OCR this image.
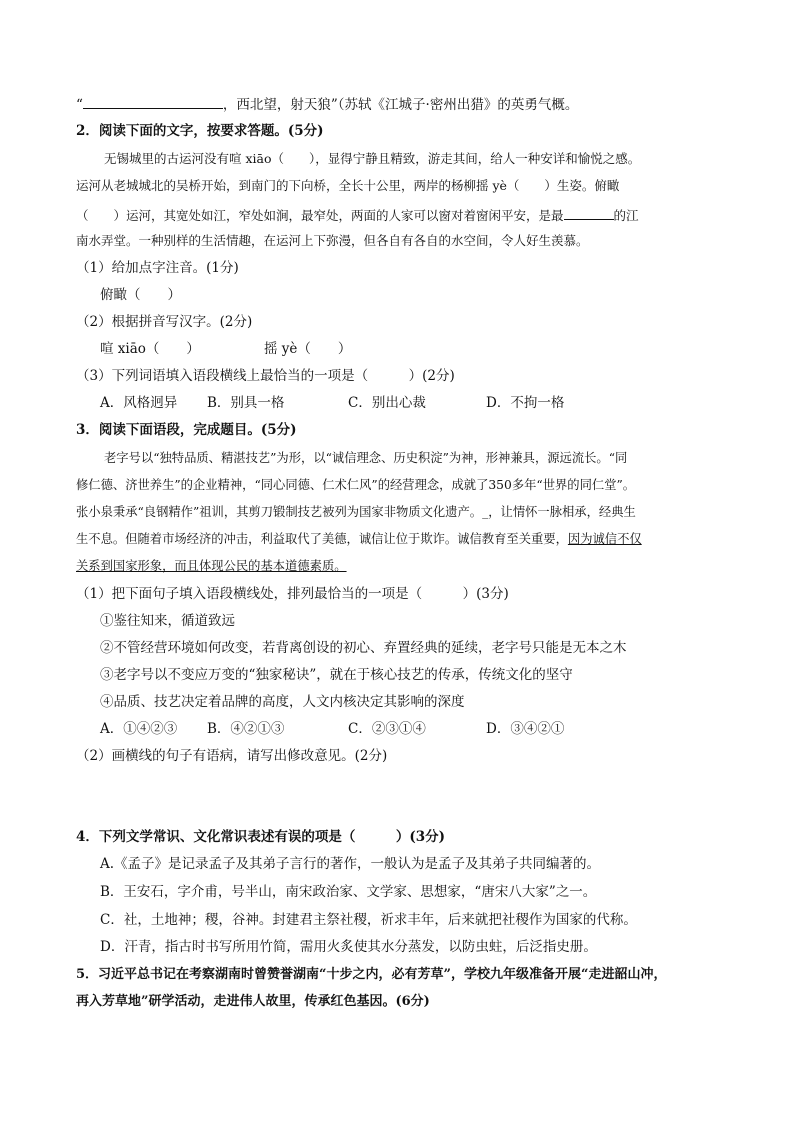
“	，西北望，射天狼”（苏轼《江城子·密州出猎》的英勇气概。
2．阅读下面的文字，按要求答题。(5分)
无锡城里的古运河没有喧 xiāo（　　），显得宁静且精致，游走其间，给人一种安详和愉悦之感。
运河从老城城北的吴桥开始，到南门的下向桥，全长十公里，两岸的杨柳摇 yè（　　）生姿。俯瞰
（　　）运河，其宽处如江，窄处如涧，最窄处，两面的人家可以窗对着窗闲平安，是最	的江
南水弄堂。一种别样的生活情趣，在运河上下弥漫，但各自有各自的水空间，令人好生羡慕。
（1）给加点字注音。(1分)
俯瞰（　　）
（2）根据拼音写汉字。(2分)
喧 xiāo（　　）	摇 yè（　　）
（3）下列词语填入语段横线上最恰当的一项是（　　　）(2分)
A．风格迥异 B．别具一格	C．别出心裁	D．不拘一格
3．阅读下面语段，完成题目。(5分)
老字号以“独特品质、精湛技艺”为形，以“诚信理念、历史积淀”为神，形神兼具，源远流长。“同
修仁德、济世养生”的企业精神，“同心同德、仁术仁风”的经营理念，成就了350多年“世界的同仁堂”。
张小泉秉承“良钢精作”祖训，其剪刀锻制技艺被列为国家非物质文化遗产。_，让情怀一脉相承，经典生
生不息。但随着市场经济的冲击，利益取代了美德，诚信让位于欺诈。诚信教育至关重要，因为诚信不仅
关系到国家形象，而且体现公民的基本道德素质。
（1）把下面句子填入语段横线处，排列最恰当的一项是（　　　）(3分)
①鉴往知来，循道致远
②不管经营环境如何改变，若背离创设的初心、弃置经典的延续，老字号只能是无本之木
③老字号以不变应万变的“独家秘诀”，就在于核心技艺的传承，传统文化的坚守
④品质、技艺决定着品牌的高度，人文内核决定其影响的深度
A．①④②③ B．④②①③	C．②③①④	D．③④②①
（2）画横线的句子有语病，请写出修改意见。(2分)
4．下列文学常识、文化常识表述有误的项是（　　　）(3分)
A.《孟子》是记录孟子及其弟子言行的著作，一般认为是孟子及其弟子共同编著的。
B．王安石，字介甫，号半山，南宋政治家、文学家、思想家，“唐宋八大家”之一。
C．社，土地神；稷，谷神。封建君主祭社稷，祈求丰年，后来就把社稷作为国家的代称。
D．汗青，指古时书写所用竹简，需用火炙使其水分蒸发，以防虫蛀，后泛指史册。
5．习近平总书记在考察湖南时曾赞誉湖南“十步之内，必有芳草”，学校九年级准备开展“走进韶山冲，
再入芳草地”研学活动，走进伟人故里，传承红色基因。(6分)
